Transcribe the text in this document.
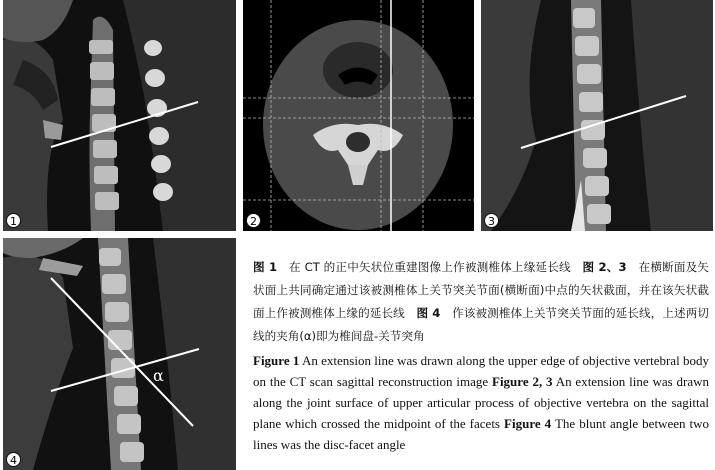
1	2	3
α
4

图 1　 在 CT 的正中矢状位重建图像上作被测椎体上缘延长线　 图 2、3　 在横断面及矢状面上共同确定通过该被测椎体上关节突关节面(横断面)中点的矢状截面，并在该矢状截面上作被测椎体上缘的延长线　 图 4　 作该被测椎体上关节突关节面的延长线，上述两切线的夹角(α)即为椎间盘-关节突角

Figure 1 An extension line was drawn along the upper edge of objective vertebral body on the CT scan sagittal reconstruction image Figure 2, 3 An extension line was drawn along the joint surface of upper articular process of objective vertebra on the sagittal plane which crossed the midpoint of the facets Figure 4 The blunt angle between two lines was the disc-facet angle
